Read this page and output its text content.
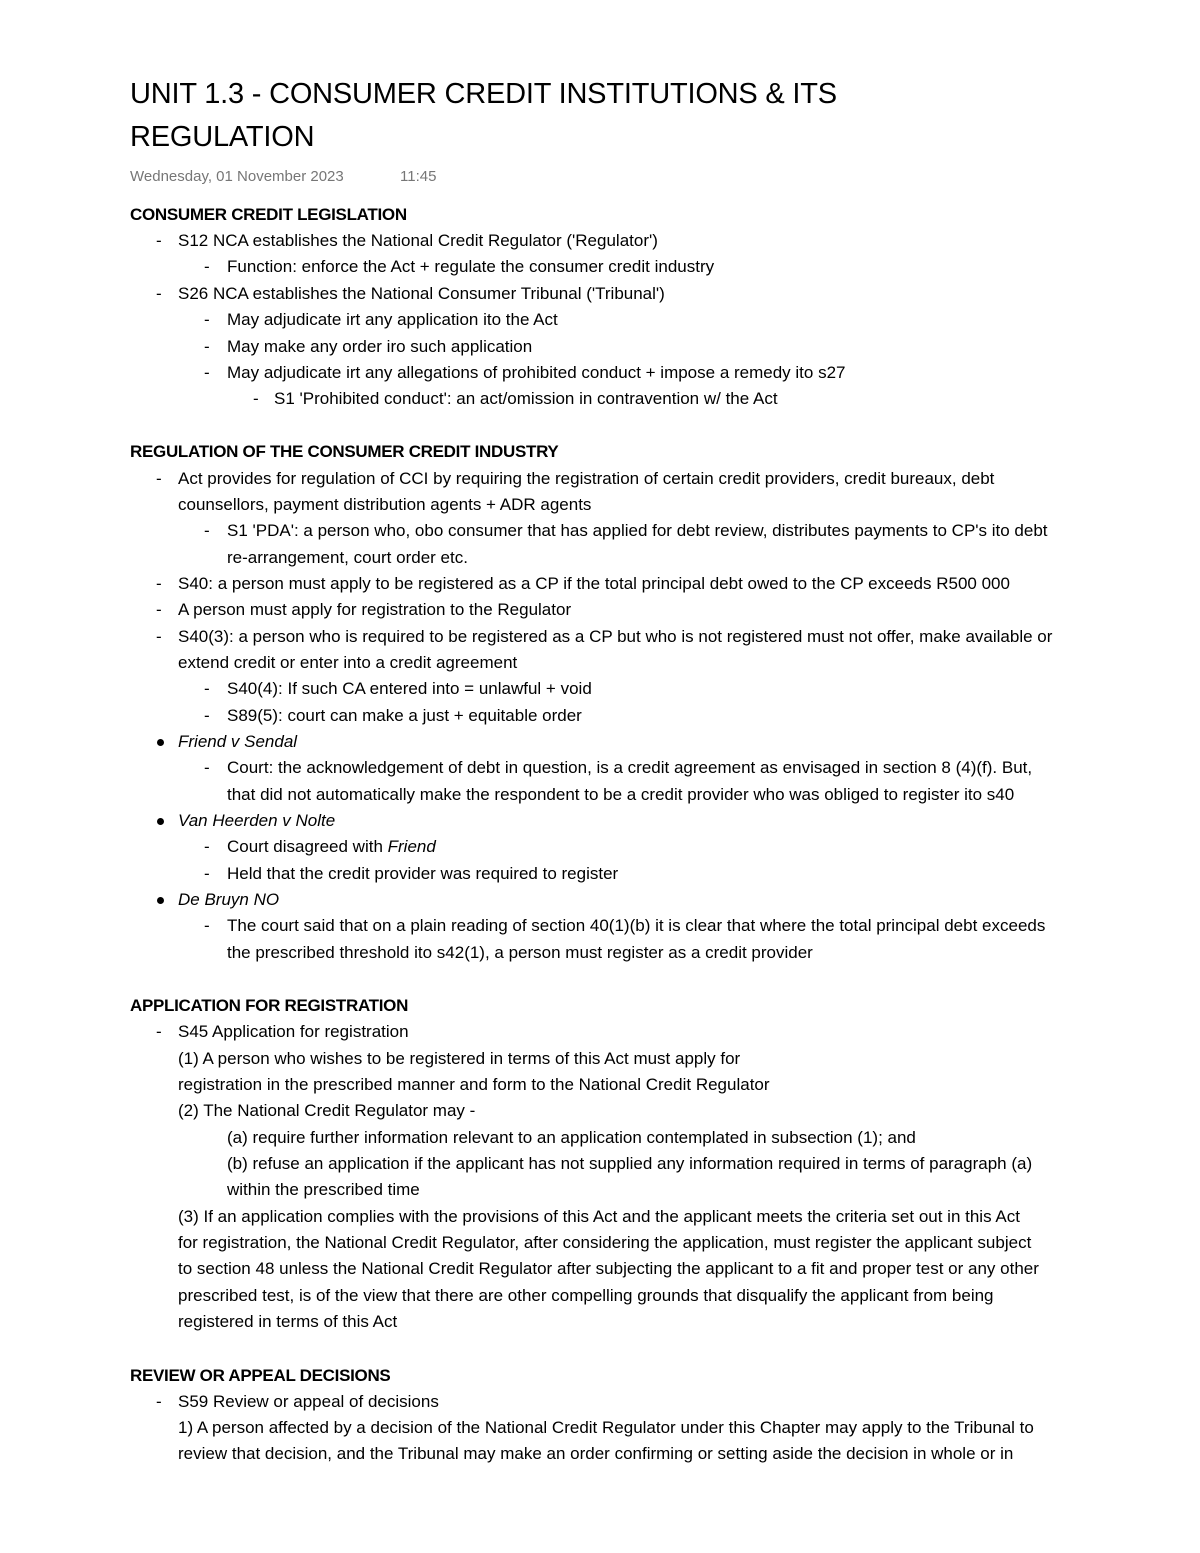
UNIT 1.3 - CONSUMER CREDIT INSTITUTIONS & ITS
REGULATION
Wednesday, 01 November 2023	11:45
CONSUMER CREDIT LEGISLATION
- S12 NCA establishes the National Credit Regulator ('Regulator')
- Function: enforce the Act + regulate the consumer credit industry
- S26 NCA establishes the National Consumer Tribunal ('Tribunal')
- May adjudicate irt any application ito the Act
- May make any order iro such application
- May adjudicate irt any allegations of prohibited conduct + impose a remedy ito s27
- S1 'Prohibited conduct': an act/omission in contravention w/ the Act
REGULATION OF THE CONSUMER CREDIT INDUSTRY
- Act provides for regulation of CCI by requiring the registration of certain credit providers, credit bureaux, debt
counsellors, payment distribution agents + ADR agents
- S1 'PDA': a person who, obo consumer that has applied for debt review, distributes payments to CP's ito debt
re-arrangement, court order etc.
- S40: a person must apply to be registered as a CP if the total principal debt owed to the CP exceeds R500 000
- A person must apply for registration to the Regulator
- S40(3): a person who is required to be registered as a CP but who is not registered must not offer, make available or
extend credit or enter into a credit agreement
- S40(4): If such CA entered into = unlawful + void
- S89(5): court can make a just + equitable order
Friend v Sendal
- Court: the acknowledgement of debt in question, is a credit agreement as envisaged in section 8 (4)(f). But,
that did not automatically make the respondent to be a credit provider who was obliged to register ito s40
Van Heerden v Nolte
- Court disagreed with Friend
- Held that the credit provider was required to register
De Bruyn NO
- The court said that on a plain reading of section 40(1)(b) it is clear that where the total principal debt exceeds
the prescribed threshold ito s42(1), a person must register as a credit provider
APPLICATION FOR REGISTRATION
- S45 Application for registration
(1) A person who wishes to be registered in terms of this Act must apply for
registration in the prescribed manner and form to the National Credit Regulator
(2) The National Credit Regulator may -
(a) require further information relevant to an application contemplated in subsection (1); and
(b) refuse an application if the applicant has not supplied any information required in terms of paragraph (a)
within the prescribed time
(3) If an application complies with the provisions of this Act and the applicant meets the criteria set out in this Act
for registration, the National Credit Regulator, after considering the application, must register the applicant subject
to section 48 unless the National Credit Regulator after subjecting the applicant to a fit and proper test or any other
prescribed test, is of the view that there are other compelling grounds that disqualify the applicant from being
registered in terms of this Act
REVIEW OR APPEAL DECISIONS
- S59 Review or appeal of decisions
1) A person affected by a decision of the National Credit Regulator under this Chapter may apply to the Tribunal to
review that decision, and the Tribunal may make an order confirming or setting aside the decision in whole or in
